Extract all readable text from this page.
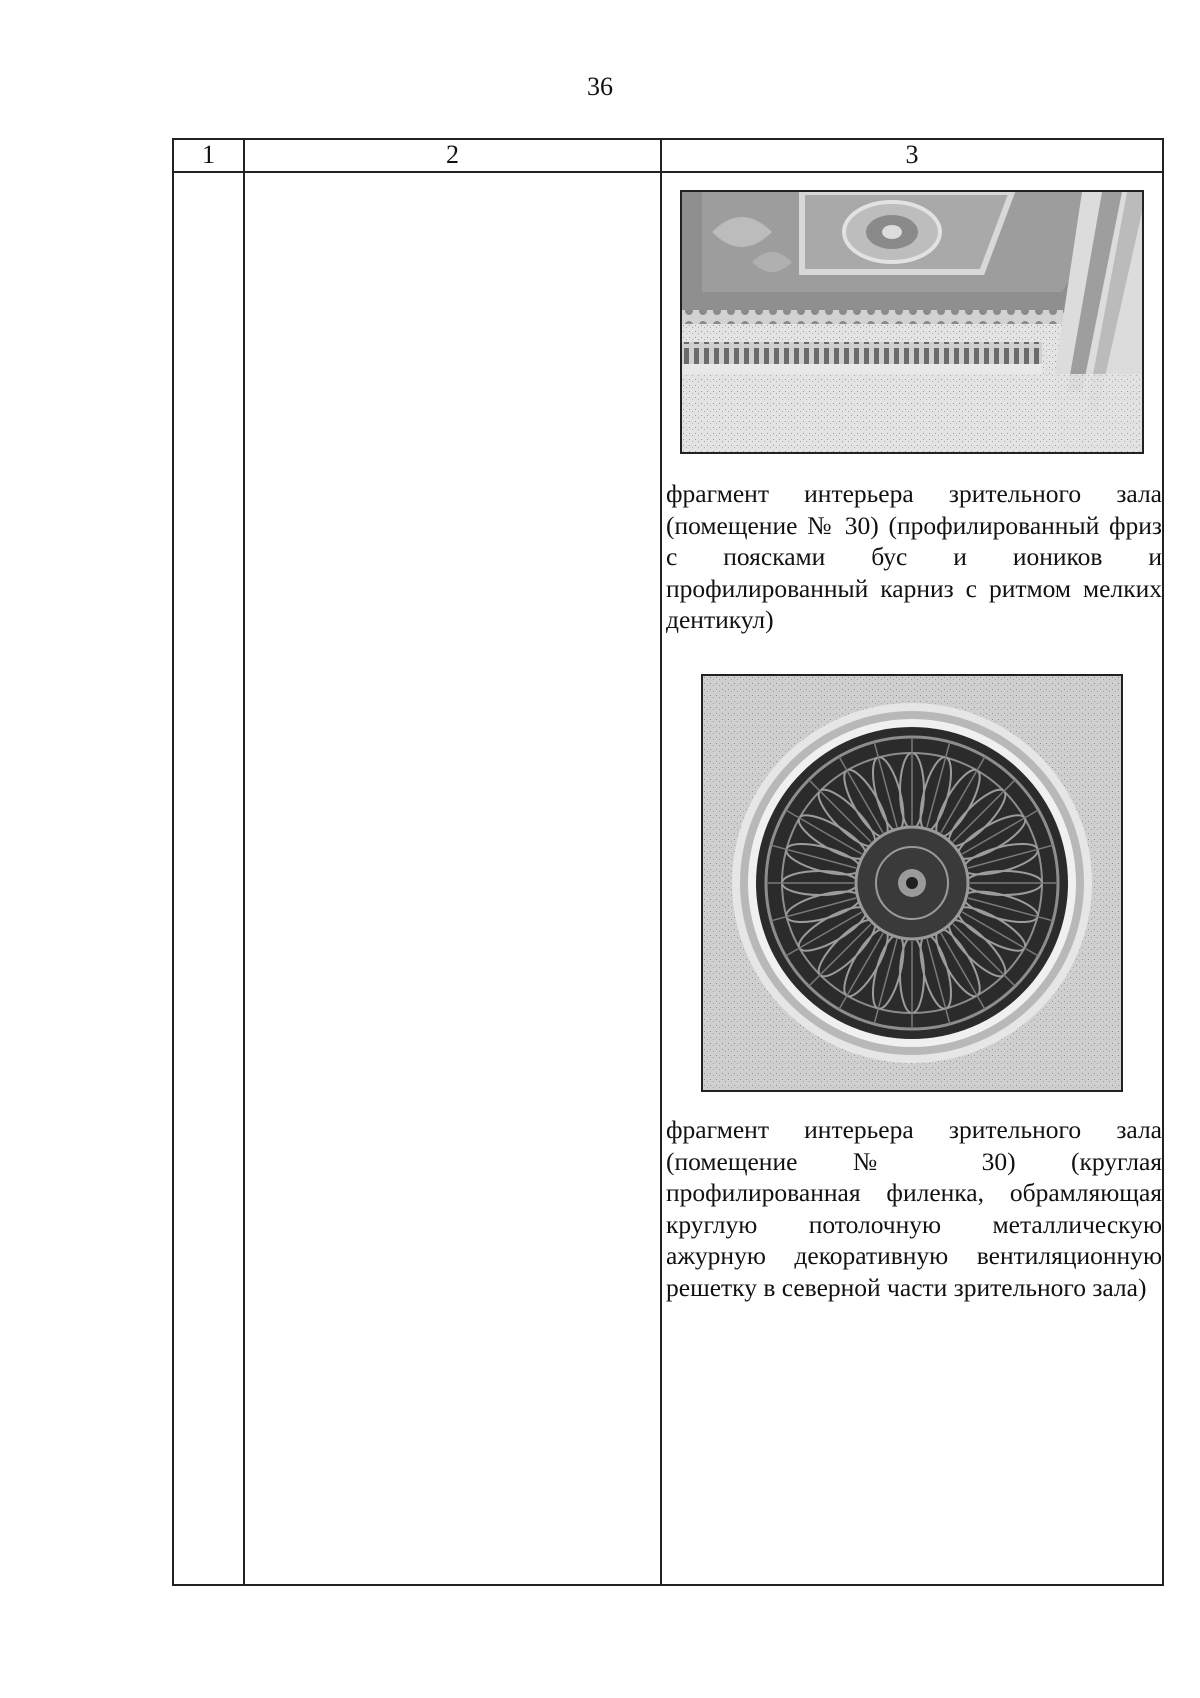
36
1	2	3
фрагмент интерьера зрительного зала (помещение № 30) (профилированный фриз с поясками бус и иоников и профилированный карниз с ритмом мелких дентикул)
фрагмент интерьера зрительного зала (помещение № 30) (круглая профилированная филенка, обрамляющая круглую потолочную металлическую ажурную декоративную вентиляционную решетку в северной части зрительного зала)
